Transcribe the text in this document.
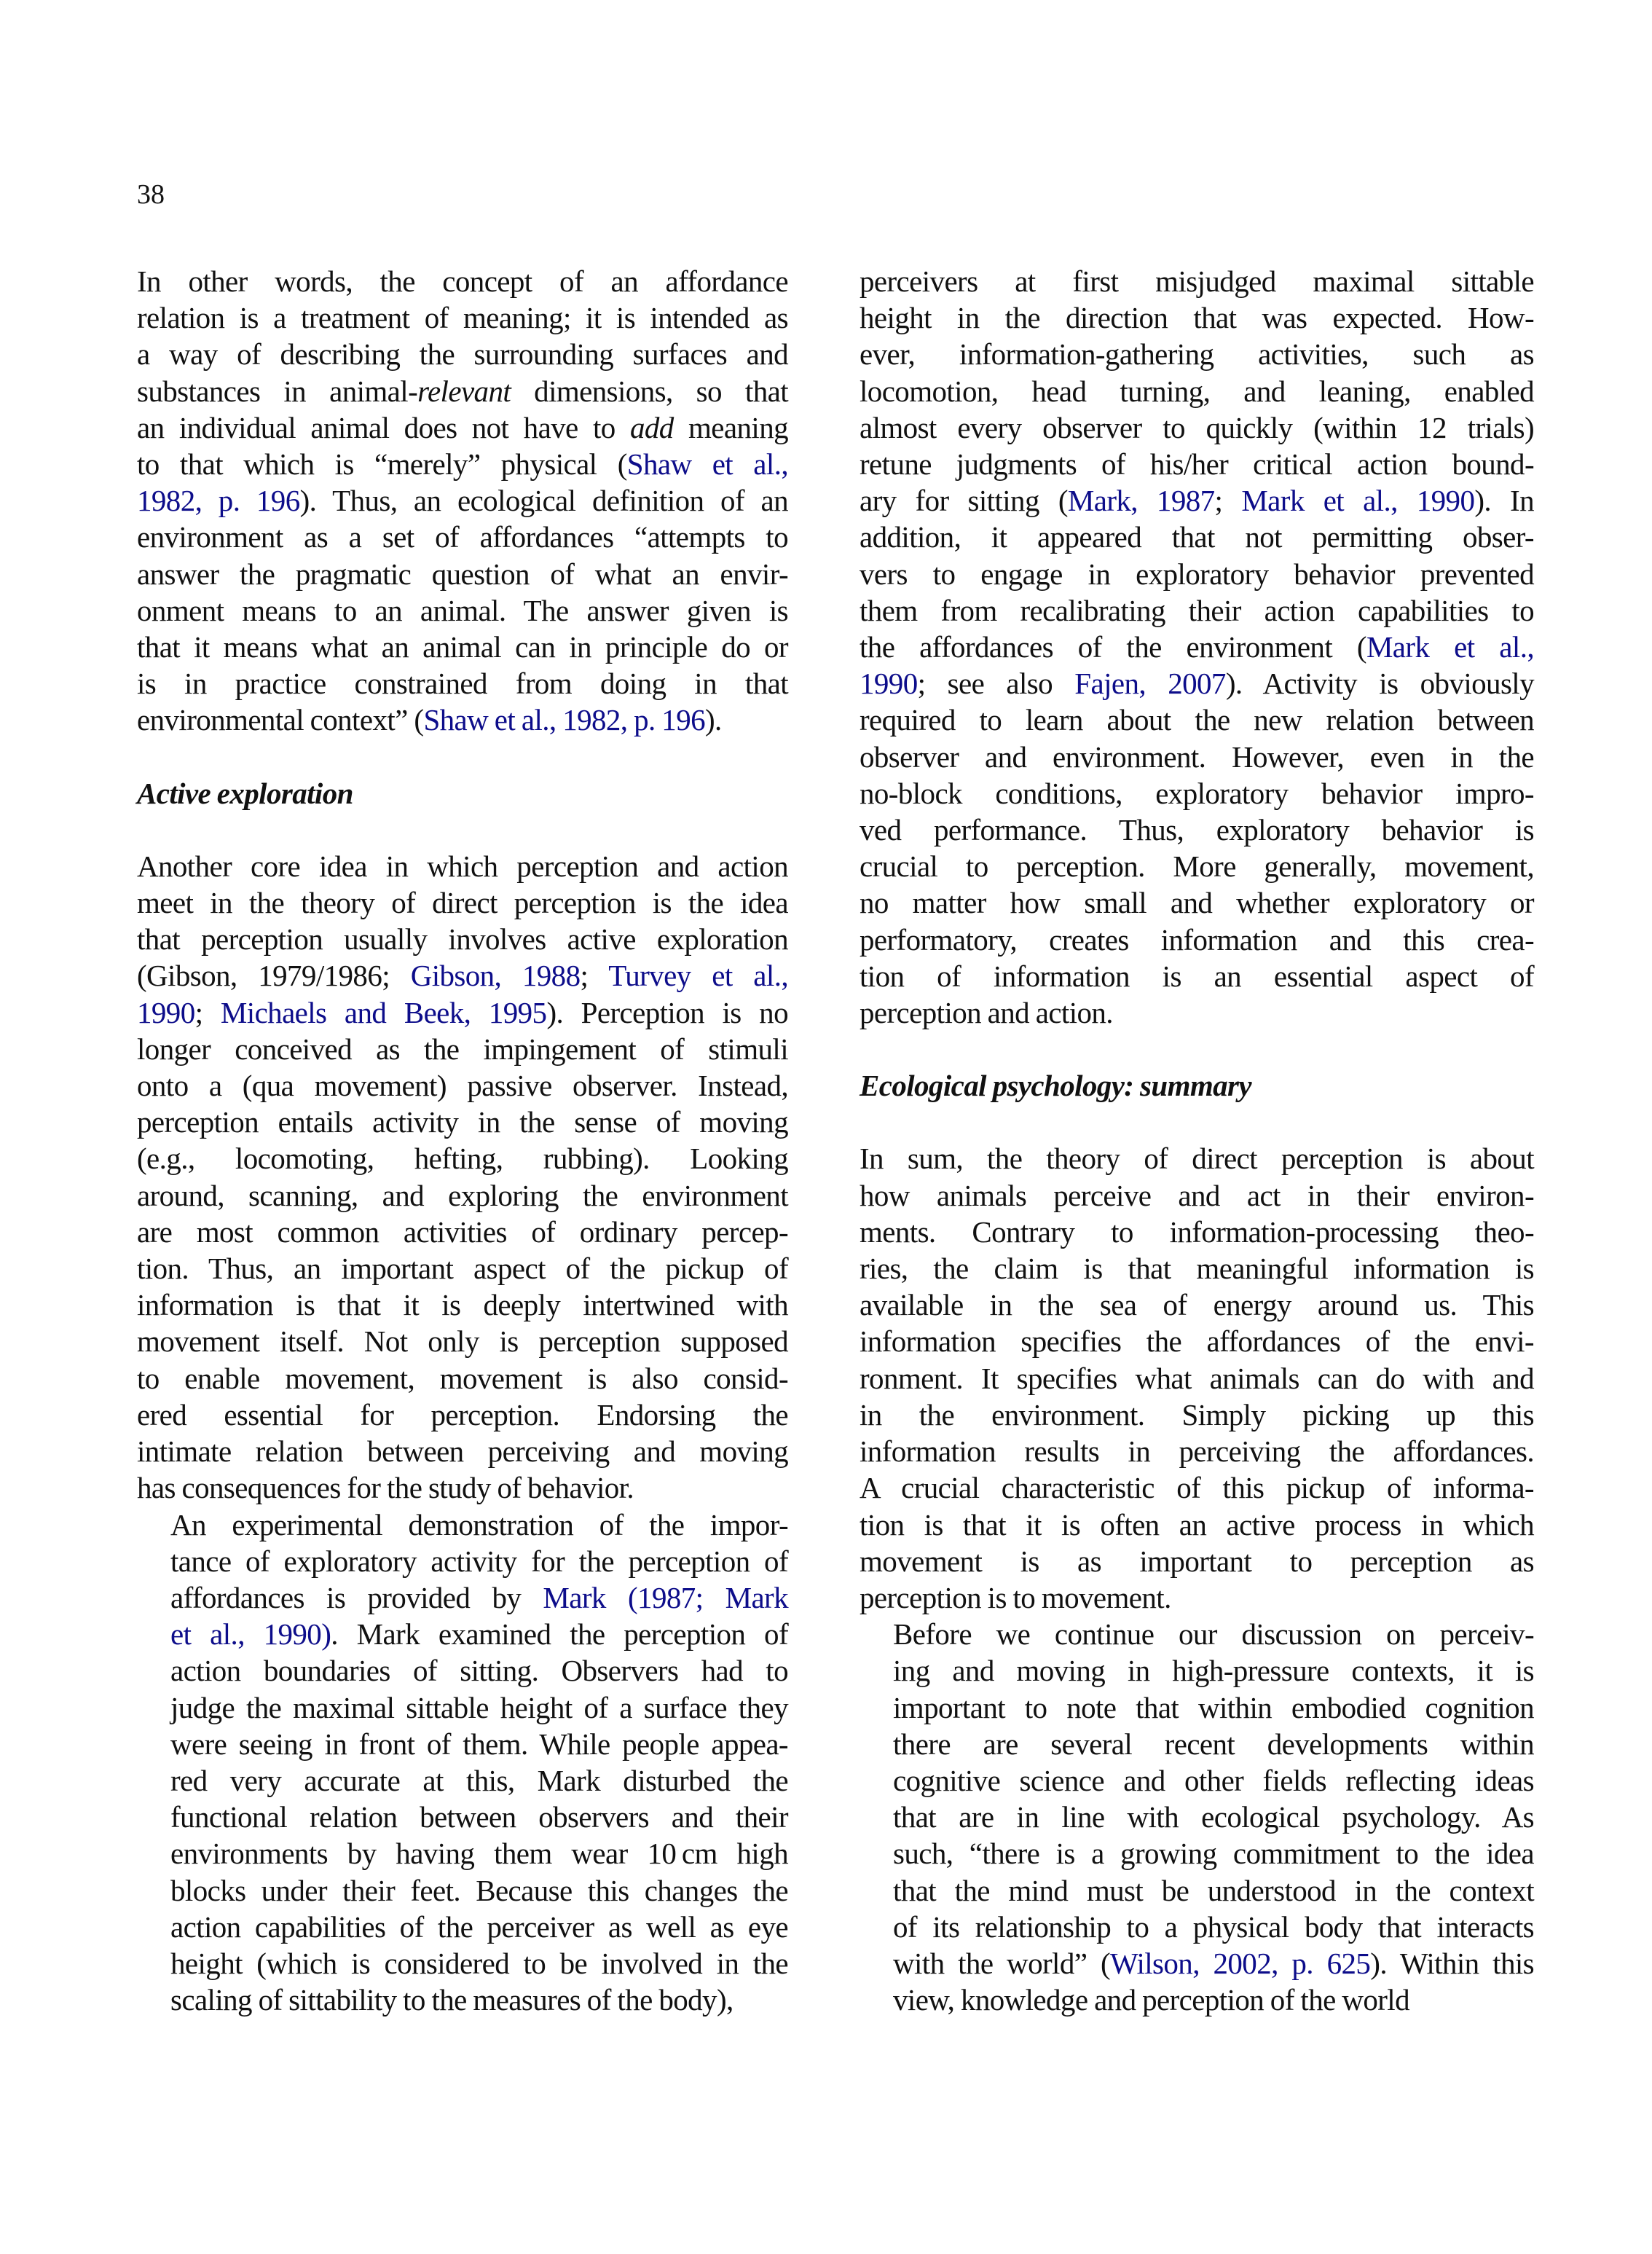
38

In other words, the concept of an affordance
relation is a treatment of meaning; it is intended as
a way of describing the surrounding surfaces and
substances in animal-relevant dimensions, so that
an individual animal does not have to add meaning
to that which is “merely” physical (Shaw et al.,
1982, p. 196). Thus, an ecological definition of an
environment as a set of affordances “attempts to
answer the pragmatic question of what an envir-
onment means to an animal. The answer given is
that it means what an animal can in principle do or
is in practice constrained from doing in that
environmental context” (Shaw et al., 1982, p. 196).

Active exploration

Another core idea in which perception and action
meet in the theory of direct perception is the idea
that perception usually involves active exploration
(Gibson, 1979/1986; Gibson, 1988; Turvey et al.,
1990; Michaels and Beek, 1995). Perception is no
longer conceived as the impingement of stimuli
onto a (qua movement) passive observer. Instead,
perception entails activity in the sense of moving
(e.g., locomoting, hefting, rubbing). Looking
around, scanning, and exploring the environment
are most common activities of ordinary percep-
tion. Thus, an important aspect of the pickup of
information is that it is deeply intertwined with
movement itself. Not only is perception supposed
to enable movement, movement is also consid-
ered essential for perception. Endorsing the
intimate relation between perceiving and moving
has consequences for the study of behavior.

An experimental demonstration of the impor-
tance of exploratory activity for the perception of
affordances is provided by Mark (1987; Mark
et al., 1990). Mark examined the perception of
action boundaries of sitting. Observers had to
judge the maximal sittable height of a surface they
were seeing in front of them. While people appea-
red very accurate at this, Mark disturbed the
functional relation between observers and their
environments by having them wear 10 cm high
blocks under their feet. Because this changes the
action capabilities of the perceiver as well as eye
height (which is considered to be involved in the
scaling of sittability to the measures of the body),

perceivers at first misjudged maximal sittable
height in the direction that was expected. How-
ever, information-gathering activities, such as
locomotion, head turning, and leaning, enabled
almost every observer to quickly (within 12 trials)
retune judgments of his/her critical action bound-
ary for sitting (Mark, 1987; Mark et al., 1990). In
addition, it appeared that not permitting obser-
vers to engage in exploratory behavior prevented
them from recalibrating their action capabilities to
the affordances of the environment (Mark et al.,
1990; see also Fajen, 2007). Activity is obviously
required to learn about the new relation between
observer and environment. However, even in the
no-block conditions, exploratory behavior impro-
ved performance. Thus, exploratory behavior is
crucial to perception. More generally, movement,
no matter how small and whether exploratory or
performatory, creates information and this crea-
tion of information is an essential aspect of
perception and action.

Ecological psychology: summary

In sum, the theory of direct perception is about
how animals perceive and act in their environ-
ments. Contrary to information-processing theo-
ries, the claim is that meaningful information is
available in the sea of energy around us. This
information specifies the affordances of the envi-
ronment. It specifies what animals can do with and
in the environment. Simply picking up this
information results in perceiving the affordances.
A crucial characteristic of this pickup of informa-
tion is that it is often an active process in which
movement is as important to perception as
perception is to movement.

Before we continue our discussion on perceiv-
ing and moving in high-pressure contexts, it is
important to note that within embodied cognition
there are several recent developments within
cognitive science and other fields reflecting ideas
that are in line with ecological psychology. As
such, “there is a growing commitment to the idea
that the mind must be understood in the context
of its relationship to a physical body that interacts
with the world” (Wilson, 2002, p. 625). Within this
view, knowledge and perception of the world
